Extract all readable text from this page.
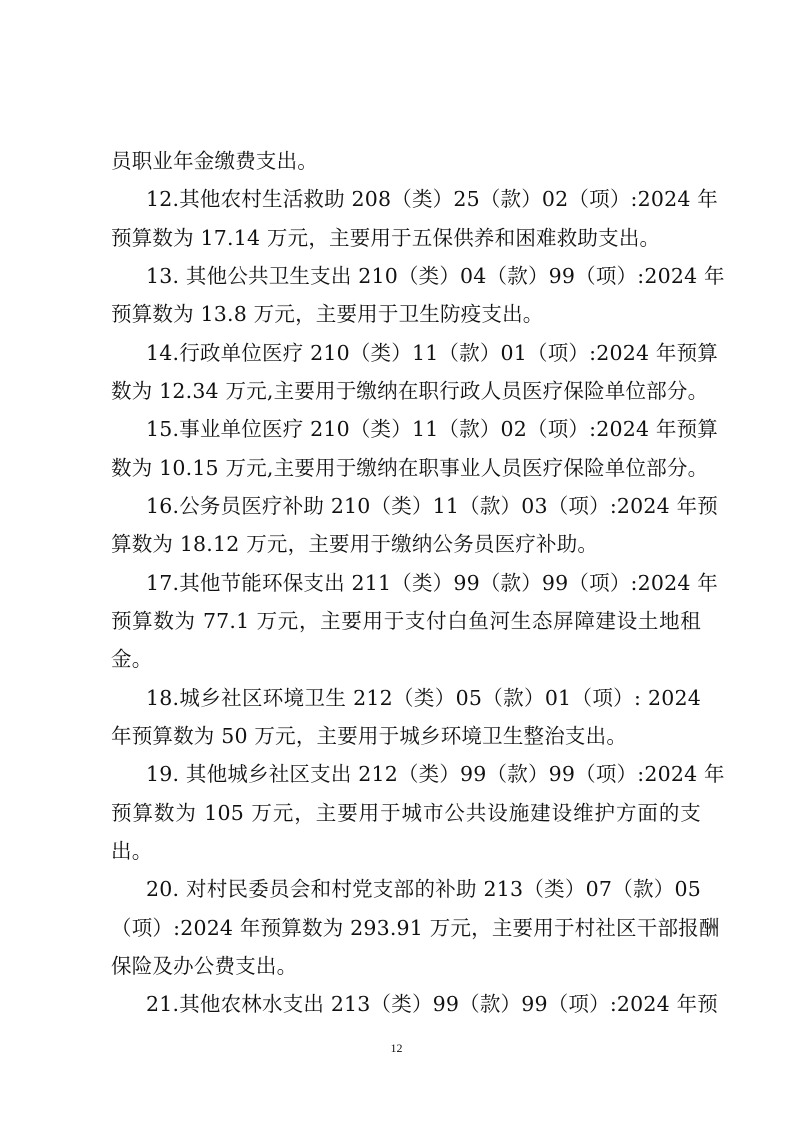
员职业年金缴费支出。
12.其他农村生活救助 208（类）25（款）02（项）:2024 年
预算数为 17.14 万元，主要用于五保供养和困难救助支出。
13. 其他公共卫生支出 210（类）04（款）99（项）:2024 年
预算数为 13.8 万元，主要用于卫生防疫支出。
14.行政单位医疗 210（类）11（款）01（项）:2024 年预算
数为 12.34 万元,主要用于缴纳在职行政人员医疗保险单位部分。
15.事业单位医疗 210（类）11（款）02（项）:2024 年预算
数为 10.15 万元,主要用于缴纳在职事业人员医疗保险单位部分。
16.公务员医疗补助 210（类）11（款）03（项）:2024 年预
算数为 18.12 万元，主要用于缴纳公务员医疗补助。
17.其他节能环保支出 211（类）99（款）99（项）:2024 年
预算数为 77.1 万元，主要用于支付白鱼河生态屏障建设土地租
金。
18.城乡社区环境卫生 212（类）05（款）01（项）: 2024
年预算数为 50 万元，主要用于城乡环境卫生整治支出。
19. 其他城乡社区支出 212（类）99（款）99（项）:2024 年
预算数为 105 万元，主要用于城市公共设施建设维护方面的支
出。
20. 对村民委员会和村党支部的补助 213（类）07（款）05
（项）:2024 年预算数为 293.91 万元，主要用于村社区干部报酬
保险及办公费支出。
21.其他农林水支出 213（类）99（款）99（项）:2024 年预
12
